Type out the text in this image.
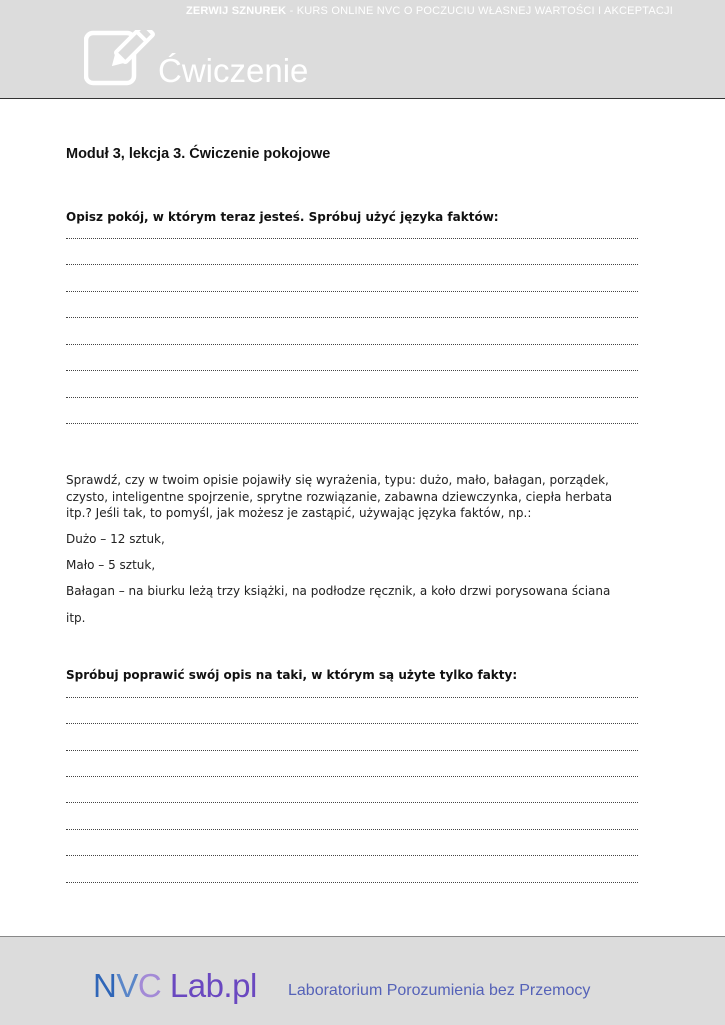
ZERWIJ SZNUREK - KURS ONLINE NVC O POCZUCIU WŁASNEJ WARTOŚCI I AKCEPTACJI
Ćwiczenie
Moduł 3, lekcja 3. Ćwiczenie pokojowe
Opisz pokój, w którym teraz jesteś. Spróbuj użyć języka faktów:
Sprawdź, czy w twoim opisie pojawiły się wyrażenia, typu: dużo, mało, bałagan, porządek, czysto, inteligentne spojrzenie, sprytne rozwiązanie, zabawna dziewczynka, ciepła herbata itp.? Jeśli tak, to pomyśl, jak możesz je zastąpić, używając języka faktów, np.:
Dużo – 12 sztuk,
Mało – 5 sztuk,
Bałagan – na biurku leżą trzy książki, na podłodze ręcznik, a koło drzwi porysowana ściana
itp.
Spróbuj poprawić swój opis na taki, w którym są użyte tylko fakty:
NVC Lab.pl Laboratorium Porozumienia bez Przemocy
